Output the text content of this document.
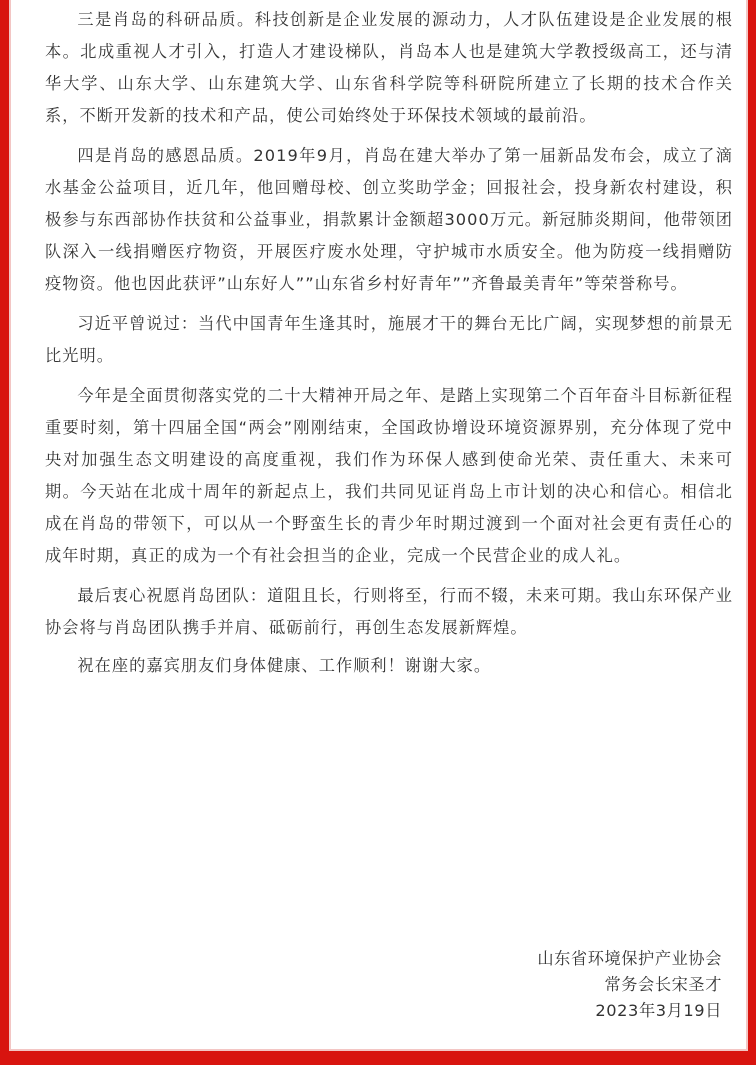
三是肖岛的科研品质。科技创新是企业发展的源动力，人才队伍建设是企业发展的根本。北成重视人才引入，打造人才建设梯队，肖岛本人也是建筑大学教授级高工，还与清华大学、山东大学、山东建筑大学、山东省科学院等科研院所建立了长期的技术合作关系，不断开发新的技术和产品，使公司始终处于环保技术领域的最前沿。

四是肖岛的感恩品质。2019年9月，肖岛在建大举办了第一届新品发布会，成立了滴水基金公益项目，近几年，他回赠母校、创立奖助学金；回报社会，投身新农村建设，积极参与东西部协作扶贫和公益事业，捐款累计金额超3000万元。新冠肺炎期间，他带领团队深入一线捐赠医疗物资，开展医疗废水处理，守护城市水质安全。他为防疫一线捐赠防疫物资。他也因此获评”山东好人””山东省乡村好青年””齐鲁最美青年”等荣誉称号。

习近平曾说过：当代中国青年生逢其时，施展才干的舞台无比广阔，实现梦想的前景无比光明。

今年是全面贯彻落实党的二十大精神开局之年、是踏上实现第二个百年奋斗目标新征程重要时刻，第十四届全国“两会”刚刚结束，全国政协增设环境资源界别，充分体现了党中央对加强生态文明建设的高度重视，我们作为环保人感到使命光荣、责任重大、未来可期。今天站在北成十周年的新起点上，我们共同见证肖岛上市计划的决心和信心。相信北成在肖岛的带领下，可以从一个野蛮生长的青少年时期过渡到一个面对社会更有责任心的成年时期，真正的成为一个有社会担当的企业，完成一个民营企业的成人礼。

最后衷心祝愿肖岛团队：道阻且长，行则将至，行而不辍，未来可期。我山东环保产业协会将与肖岛团队携手并肩、砥砺前行，再创生态发展新辉煌。

祝在座的嘉宾朋友们身体健康、工作顺利！谢谢大家。

山东省环境保护产业协会
常务会长宋圣才
2023年3月19日
